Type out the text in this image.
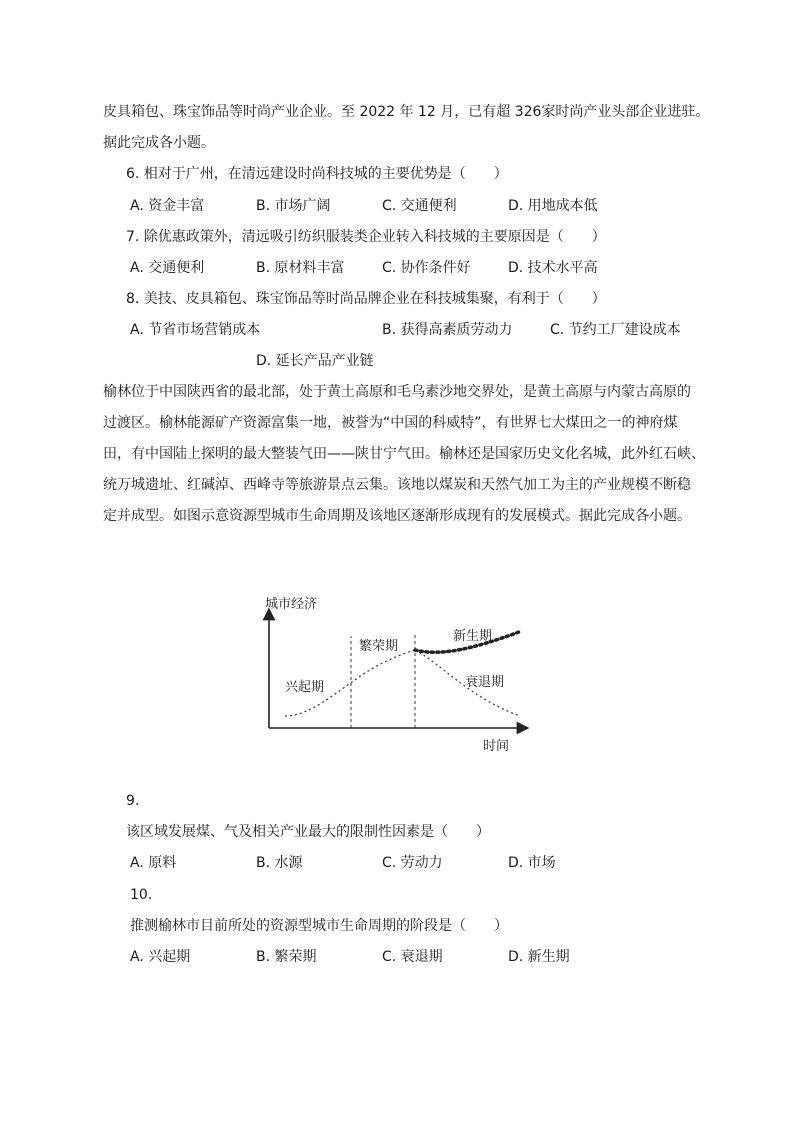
皮具箱包、珠宝饰品等时尚产业企业。至 2022 年 12 月，已有超 326家时尚产业头部企业进驻。
据此完成各小题。
6. 相对于广州，在清远建设时尚科技城的主要优势是（　　）
A. 资金丰富	B. 市场广阔	C. 交通便利	D. 用地成本低
7. 除优惠政策外，清远吸引纺织服装类企业转入科技城的主要原因是（　　）
A. 交通便利	B. 原材料丰富	C. 协作条件好	D. 技术水平高
8. 美技、皮具箱包、珠宝饰品等时尚品牌企业在科技城集聚，有利于（　　）
A. 节省市场营销成本	B. 获得高素质劳动力	C. 节约工厂建设成本
D. 延长产品产业链
榆林位于中国陕西省的最北部，处于黄土高原和毛乌素沙地交界处，是黄土高原与内蒙古高原的
过渡区。榆林能源矿产资源富集一地，被誉为“中国的科威特”，有世界七大煤田之一的神府煤
田，有中国陆上探明的最大整装气田——陕甘宁气田。榆林还是国家历史文化名城，此外红石峡、
统万城遗址、红碱淖、西峰寺等旅游景点云集。该地以煤炭和天然气加工为主的产业规模不断稳
定并成型。如图示意资源型城市生命周期及该地区逐渐形成现有的发展模式。据此完成各小题。
城市经济
时间
兴起期
繁荣期
新生期
衰退期
9.
该区域发展煤、气及相关产业最大的限制性因素是（　　）
A. 原料	B. 水源	C. 劳动力	D. 市场
10.
推测榆林市目前所处的资源型城市生命周期的阶段是（　　）
A. 兴起期	B. 繁荣期	C. 衰退期	D. 新生期
